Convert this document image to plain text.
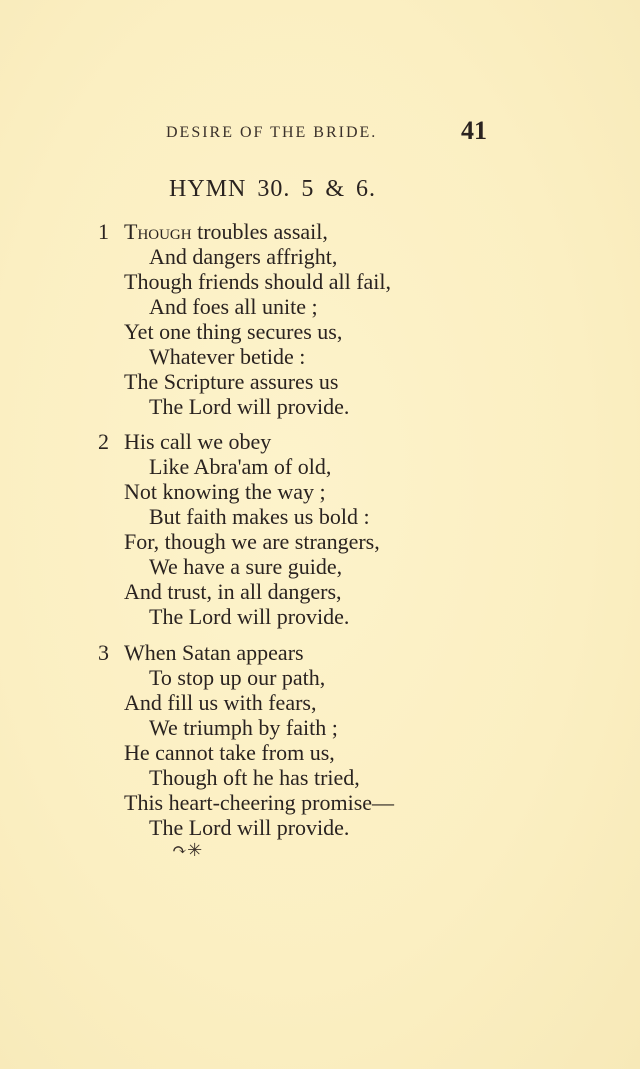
DESIRE OF THE BRIDE.	41
HYMN 30. 5 & 6.
1 Though troubles assail,
And dangers affright,
Though friends should all fail,
And foes all unite ;
Yet one thing secures us,
Whatever betide :
The Scripture assures us
The Lord will provide.
2 His call we obey
Like Abra'am of old,
Not knowing the way ;
But faith makes us bold :
For, though we are strangers,
We have a sure guide,
And trust, in all dangers,
The Lord will provide.
3 When Satan appears
To stop up our path,
And fill us with fears,
We triumph by faith ;
He cannot take from us,
Though oft he has tried,
This heart-cheering promise—
The Lord will provide.
↷✳
